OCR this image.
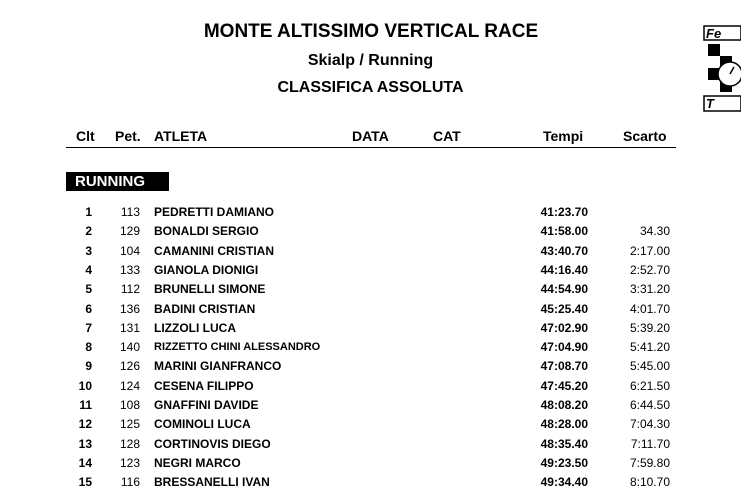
MONTE ALTISSIMO VERTICAL RACE
Skialp / Running
CLASSIFICA ASSOLUTA
Fe
T
Clt Pet. ATLETA	DATA	CAT	Tempi	Scarto
RUNNING
1	113 PEDRETTI DAMIANO	41:23.70
2	129 BONALDI SERGIO	41:58.00	34.30
3	104 CAMANINI CRISTIAN	43:40.70	2:17.00
4	133 GIANOLA DIONIGI	44:16.40	2:52.70
5	112 BRUNELLI SIMONE	44:54.90	3:31.20
6	136 BADINI CRISTIAN	45:25.40	4:01.70
7	131 LIZZOLI LUCA	47:02.90	5:39.20
8	140 RIZZETTO CHINI ALESSANDRO	47:04.90	5:41.20
9	126 MARINI GIANFRANCO	47:08.70	5:45.00
10	124 CESENA FILIPPO	47:45.20	6:21.50
11	108 GNAFFINI DAVIDE	48:08.20	6:44.50
12	125 COMINOLI LUCA	48:28.00	7:04.30
13	128 CORTINOVIS DIEGO	48:35.40	7:11.70
14	123 NEGRI MARCO	49:23.50	7:59.80
15	116 BRESSANELLI IVAN	49:34.40	8:10.70
